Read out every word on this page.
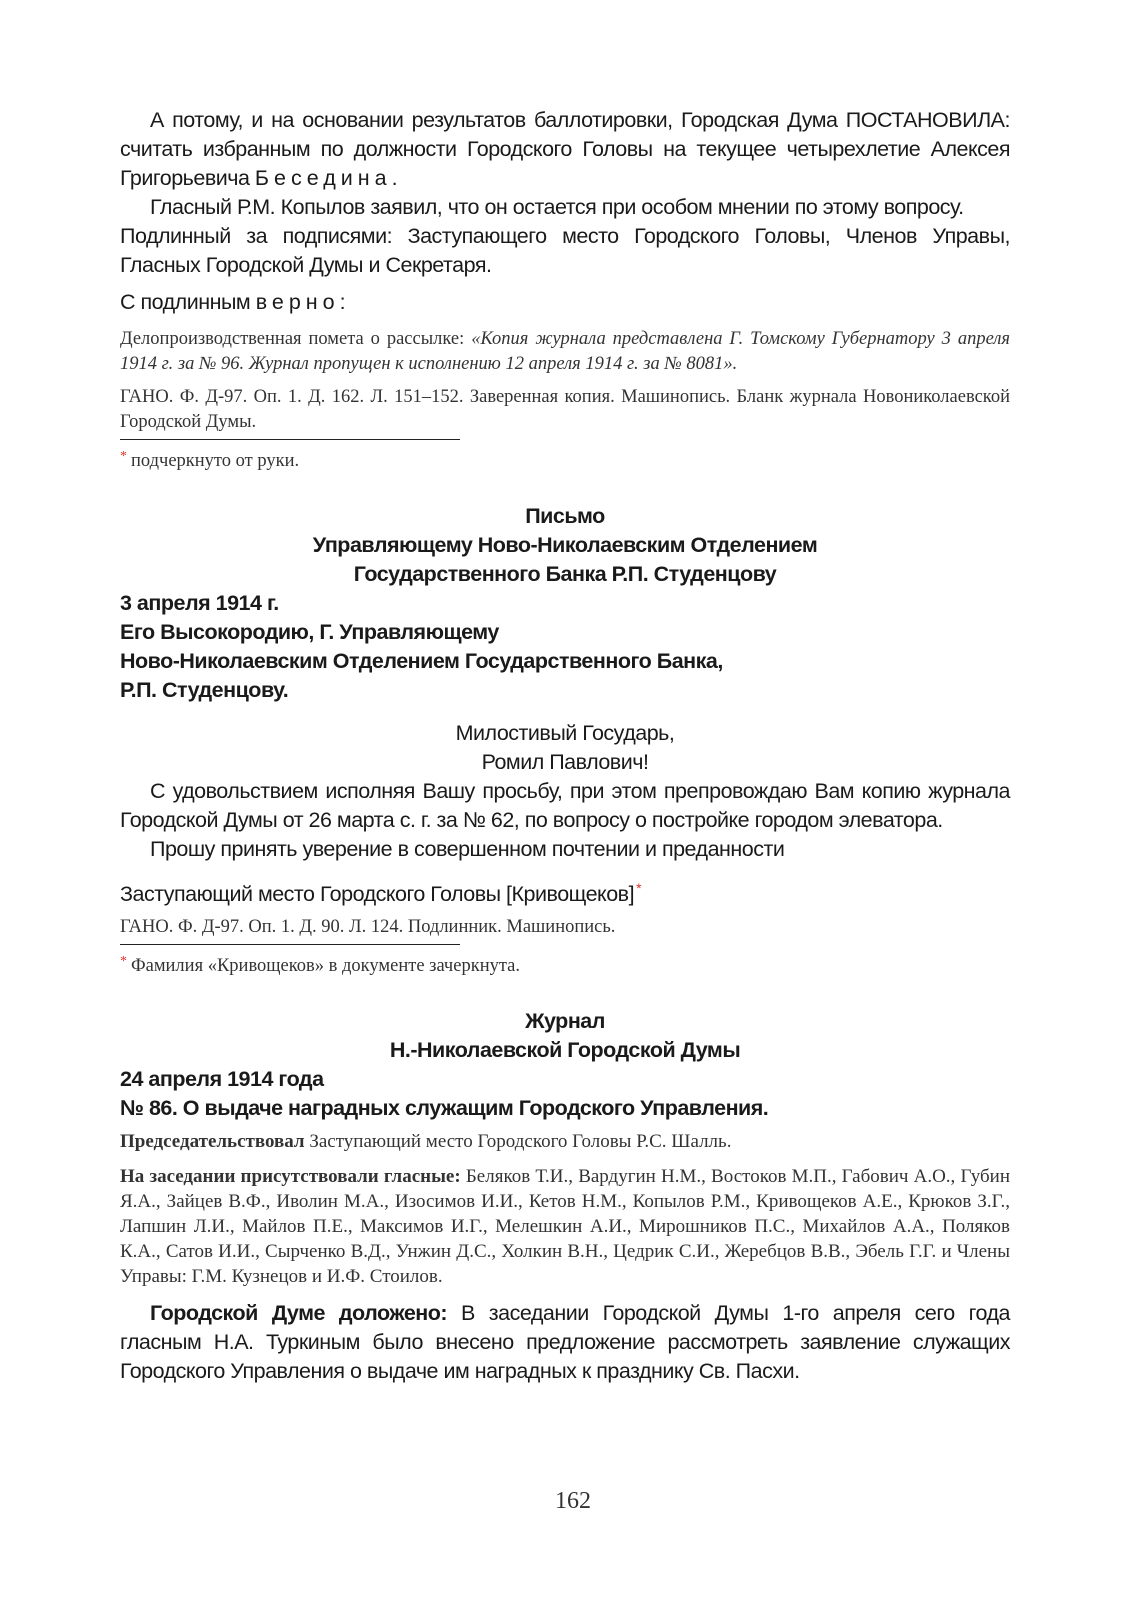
А потому, и на основании результатов баллотировки, Городская Дума ПОСТАНОВИЛА: считать избранным по должности Городского Головы на текущее четырехлетие Алексея Григорьевича Беседина.

Гласный Р.М. Копылов заявил, что он остается при особом мнении по этому вопросу.

Подлинный за подписями: Заступающего место Городского Головы, Членов Управы, Гласных Городской Думы и Секретаря.

С подлинным верно:

Делопроизводственная помета о рассылке: «Копия журнала представлена Г. Томскому Губернатору 3 апреля 1914 г. за № 96. Журнал пропущен к исполнению 12 апреля 1914 г. за № 8081».

ГАНО. Ф. Д-97. Оп. 1. Д. 162. Л. 151–152. Заверенная копия. Машинопись. Бланк журнала Новониколаевской Городской Думы.

* подчеркнуто от руки.

Письмо

Управляющему Ново-Николаевским Отделением

Государственного Банка Р.П. Студенцову

3 апреля 1914 г.

Его Высокородию, Г. Управляющему

Ново-Николаевским Отделением Государственного Банка,

Р.П. Студенцову.

Милостивый Государь,

Ромил Павлович!

С удовольствием исполняя Вашу просьбу, при этом препровождаю Вам копию журнала Городской Думы от 26 марта с. г. за № 62, по вопросу о постройке городом элеватора.

Прошу принять уверение в совершенном почтении и преданности

Заступающий место Городского Головы [Кривощеков] *

ГАНО. Ф. Д-97. Оп. 1. Д. 90. Л. 124. Подлинник. Машинопись.

* Фамилия «Кривощеков» в документе зачеркнута.

Журнал

Н.-Николаевской Городской Думы

24 апреля 1914 года

№ 86. О выдаче наградных служащим Городского Управления.

Председательствовал Заступающий место Городского Головы Р.С. Шалль.

На заседании присутствовали гласные: Беляков Т.И., Вардугин Н.М., Востоков М.П., Габович А.О., Губин Я.А., Зайцев В.Ф., Иволин М.А., Изосимов И.И., Кетов Н.М., Копылов Р.М., Кривощеков А.Е., Крюков З.Г., Лапшин Л.И., Майлов П.Е., Максимов И.Г., Мелешкин А.И., Мирошников П.С., Михайлов А.А., Поляков К.А., Сатов И.И., Сырченко В.Д., Унжин Д.С., Холкин В.Н., Цедрик С.И., Жеребцов В.В., Эбель Г.Г. и Члены Управы: Г.М. Кузнецов и И.Ф. Стоилов.

Городской Думе доложено: В заседании Городской Думы 1-го апреля сего года гласным Н.А. Туркиным было внесено предложение рассмотреть заявление служащих Городского Управления о выдаче им наградных к празднику Св. Пасхи.

162
